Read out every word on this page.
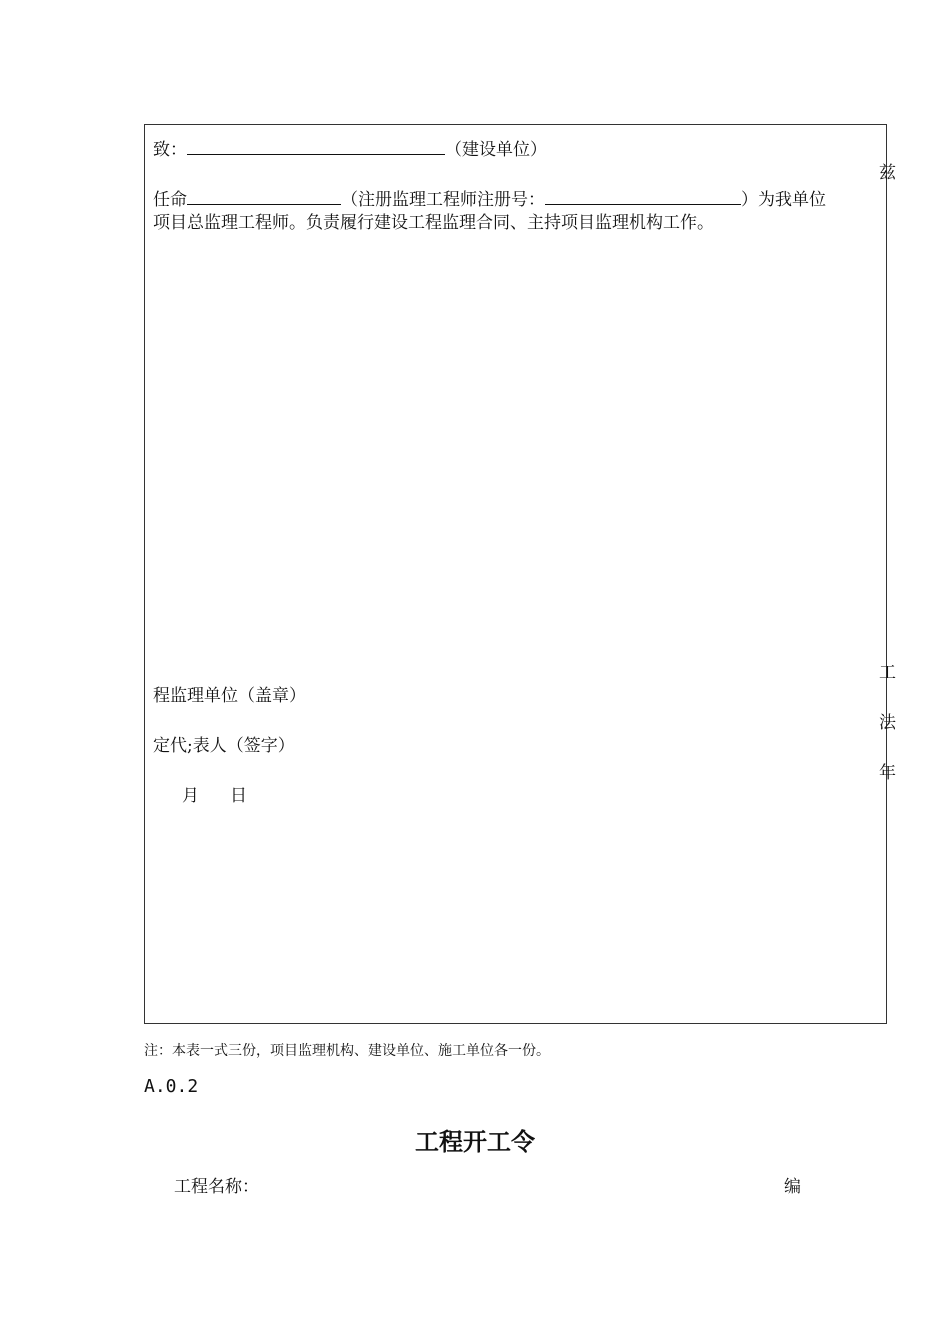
致：	（建设单位）
任命	（注册监理工程师注册号：	）为我单位
项目总监理工程师。负责履行建设工程监理合同、主持项目监理机构工作。
程监理单位（盖章）
定代;表人（签字）
月 日
兹
工
法
年
注：本表一式三份，项目监理机构、建设单位、施工单位各一份。
A.0.2
工程开工令
工程名称：	编
